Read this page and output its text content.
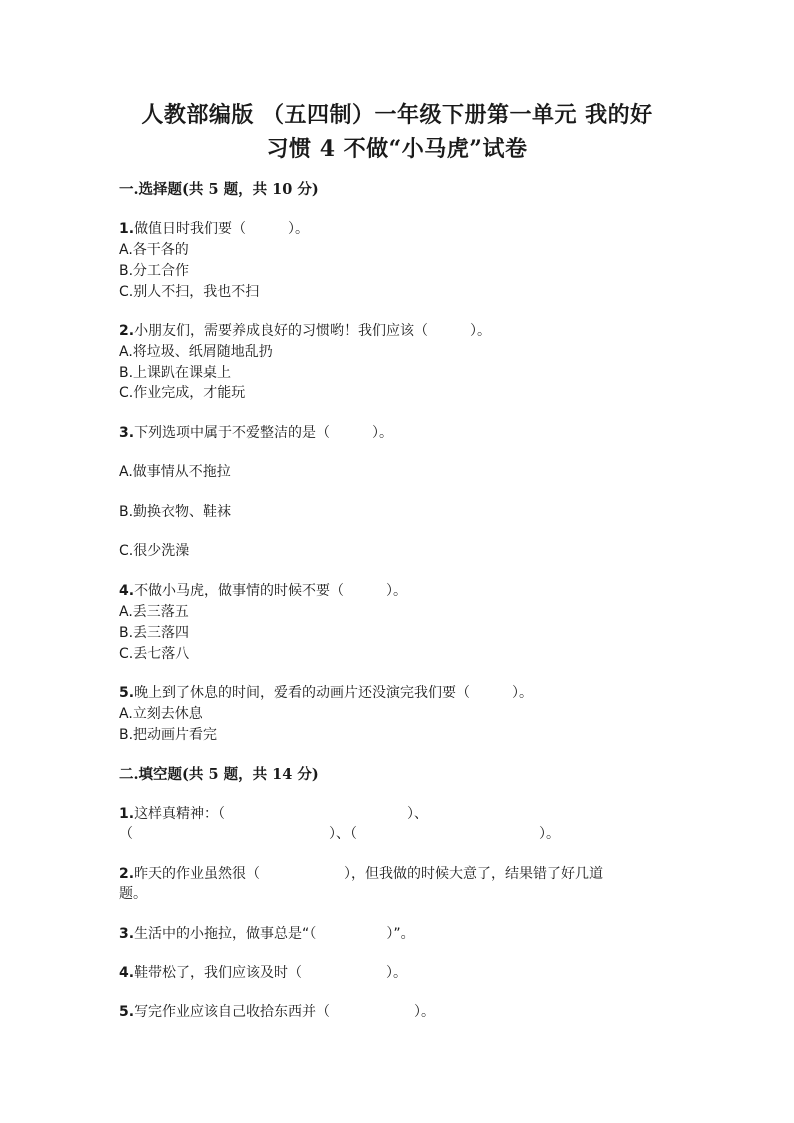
人教部编版 （五四制）一年级下册第一单元 我的好
习惯 4 不做“小马虎”试卷
一.选择题(共 5 题，共 10 分)
1.做值日时我们要（　　　）。
A.各干各的
B.分工合作
C.别人不扫，我也不扫
2.小朋友们，需要养成良好的习惯哟！我们应该（　　　）。
A.将垃圾、纸屑随地乱扔
B.上课趴在课桌上
C.作业完成，才能玩
3.下列选项中属于不爱整洁的是（　　　）。
A.做事情从不拖拉
B.勤换衣物、鞋袜
C.很少洗澡
4.不做小马虎，做事情的时候不要（　　　）。
A.丢三落五
B.丢三落四
C.丢七落八
5.晚上到了休息的时间，爱看的动画片还没演完我们要（　　　）。
A.立刻去休息
B.把动画片看完
二.填空题(共 5 题，共 14 分)
1.这样真精神：（　　　　　　　　　　　　　）、
（　　　　　　　　　　　　　　）、（　　　　　　　　　　　　　）。
2.昨天的作业虽然很（　　　　　　），但我做的时候大意了，结果错了好几道
题。
3.生活中的小拖拉，做事总是“（　　　　　）”。
4.鞋带松了，我们应该及时（　　　　　　）。
5.写完作业应该自己收拾东西并（　　　　　　）。
